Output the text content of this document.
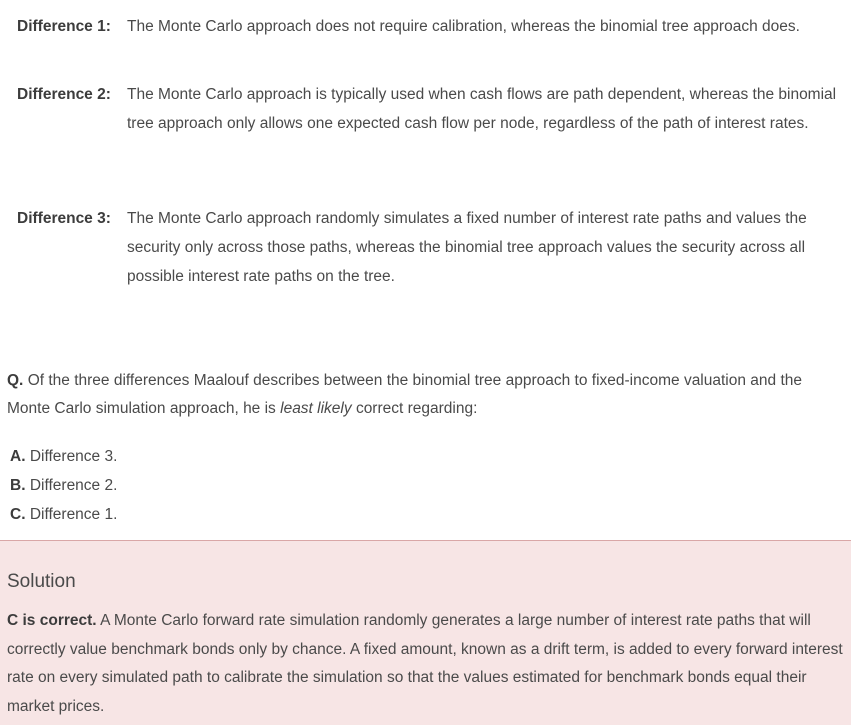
Difference 1: The Monte Carlo approach does not require calibration, whereas the binomial tree approach does.
Difference 2: The Monte Carlo approach is typically used when cash flows are path dependent, whereas the binomial tree approach only allows one expected cash flow per node, regardless of the path of interest rates.
Difference 3: The Monte Carlo approach randomly simulates a fixed number of interest rate paths and values the security only across those paths, whereas the binomial tree approach values the security across all possible interest rate paths on the tree.
Q. Of the three differences Maalouf describes between the binomial tree approach to fixed-income valuation and the Monte Carlo simulation approach, he is least likely correct regarding:
A. Difference 3.
B. Difference 2.
C. Difference 1.
Solution
C is correct. A Monte Carlo forward rate simulation randomly generates a large number of interest rate paths that will correctly value benchmark bonds only by chance. A fixed amount, known as a drift term, is added to every forward interest rate on every simulated path to calibrate the simulation so that the values estimated for benchmark bonds equal their market prices.
